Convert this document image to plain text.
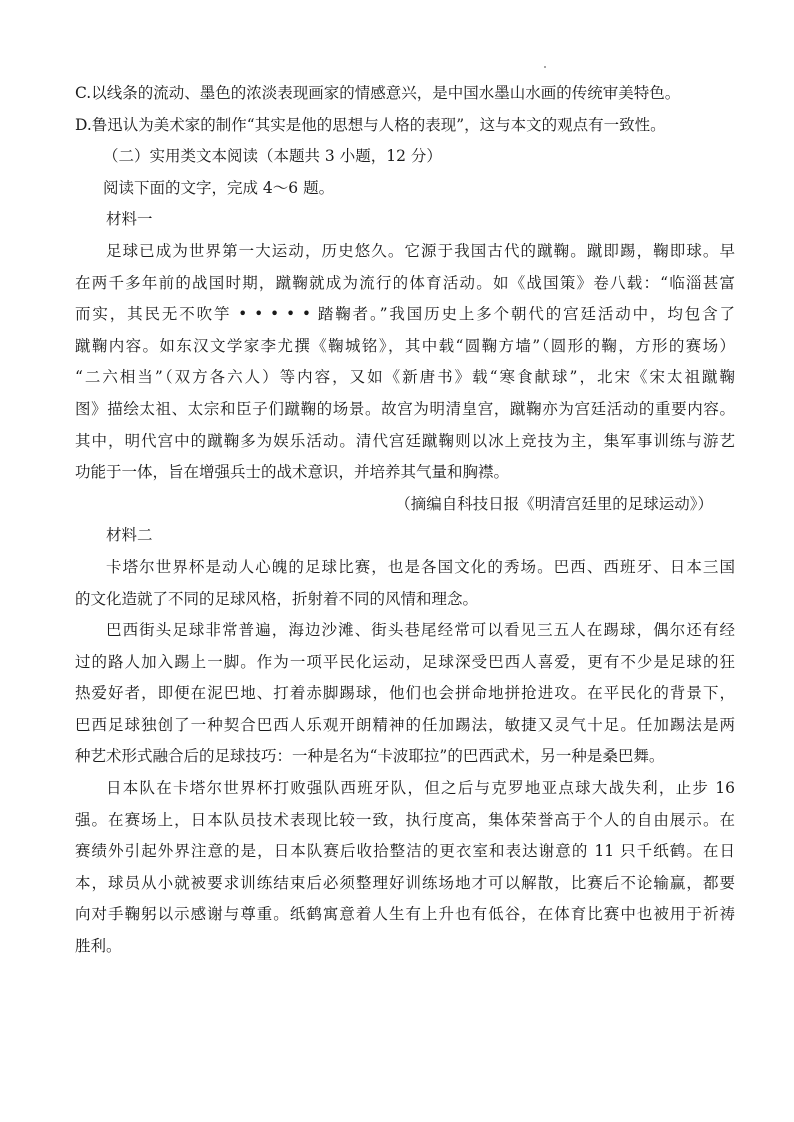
C.以线条的流动、墨色的浓淡表现画家的情感意兴，是中国水墨山水画的传统审美特色。
D.鲁迅认为美术家的制作“其实是他的思想与人格的表现”，这与本文的观点有一致性。
（二）实用类文本阅读（本题共 3 小题，12 分）
阅读下面的文字，完成 4～6 题。
材料一
足球已成为世界第一大运动，历史悠久。它源于我国古代的蹴鞠。蹴即踢，鞠即球。早
在两千多年前的战国时期，蹴鞠就成为流行的体育活动。如《战国策》卷八载：“临淄甚富
而实，其民无不吹竽 • • • • • 踏鞠者。”我国历史上多个朝代的宫廷活动中，均包含了
蹴鞠内容。如东汉文学家李尤撰《鞠城铭》，其中载“圆鞠方墙”（圆形的鞠，方形的赛场）
“二六相当”（双方各六人）等内容，又如《新唐书》载“寒食献球”，北宋《宋太祖蹴鞠
图》描绘太祖、太宗和臣子们蹴鞠的场景。故宫为明清皇宫，蹴鞠亦为宫廷活动的重要内容。
其中，明代宫中的蹴鞠多为娱乐活动。清代宫廷蹴鞠则以冰上竞技为主，集军事训练与游艺
功能于一体，旨在增强兵士的战术意识，并培养其气量和胸襟。
（摘编自科技日报《明清宫廷里的足球运动》）
材料二
卡塔尔世界杯是动人心魄的足球比赛，也是各国文化的秀场。巴西、西班牙、日本三国
的文化造就了不同的足球风格，折射着不同的风情和理念。
巴西街头足球非常普遍，海边沙滩、街头巷尾经常可以看见三五人在踢球，偶尔还有经
过的路人加入踢上一脚。作为一项平民化运动，足球深受巴西人喜爱，更有不少是足球的狂
热爱好者，即便在泥巴地、打着赤脚踢球，他们也会拼命地拼抢进攻。在平民化的背景下，
巴西足球独创了一种契合巴西人乐观开朗精神的任加踢法，敏捷又灵气十足。任加踢法是两
种艺术形式融合后的足球技巧：一种是名为“卡波耶拉”的巴西武术，另一种是桑巴舞。
日本队在卡塔尔世界杯打败强队西班牙队，但之后与克罗地亚点球大战失利，止步 16
强。在赛场上，日本队员技术表现比较一致，执行度高，集体荣誉高于个人的自由展示。在
赛绩外引起外界注意的是，日本队赛后收拾整洁的更衣室和表达谢意的 11 只千纸鹤。在日
本，球员从小就被要求训练结束后必须整理好训练场地才可以解散，比赛后不论输赢，都要
向对手鞠躬以示感谢与尊重。纸鹤寓意着人生有上升也有低谷，在体育比赛中也被用于祈祷
胜利。
